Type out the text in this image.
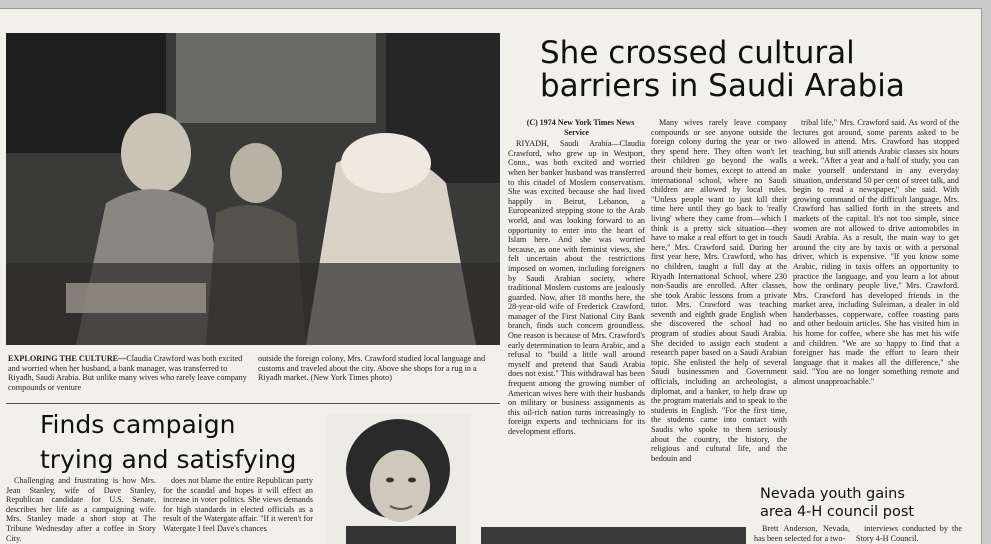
She crossed cultural barriers in Saudi Arabia

(C) 1974 New York Times News Service

RIYADH, Saudi Arabia—Claudia Crawford, who grew up in Westport, Conn., was both excited and worried when her banker husband was transferred to this citadel of Moslem conservatism. She was excited because she had lived happily in Beirut, Lebanon, a Europeanized stepping stone to the Arab world, and was looking forward to an opportunity to enter into the heart of Islam here. And she was worried because, as one with feminist views, she felt uncertain about the restrictions imposed on women, including foreigners by Saudi Arabian society, where traditional Moslem customs are jealously guarded. Now, after 18 months here, the 28-year-old wife of Frederick Crawford, manager of the First National City Bank branch, finds such concern groundless. One reason is because of Mrs. Crawford's early determination to learn Arabic, and a refusal to "build a little wall around myself and pretend that Saudi Arabia does not exist." This withdrawal has been frequent among the growing number of American wives here with their husbands on military or business assignments as this oil-rich nation turns increasingly to foreign experts and technicians for its development efforts.

Many wives rarely leave company compounds or see anyone outside the foreign colony during the year or two they spend here. They often won't let their children go beyond the walls around their homes, except to attend an international school, where no Saudi children are allowed by local rules. "Unless people want to just kill their time here until they go back to 'really living' where they came from—which I think is a pretty sick situation—they have to make a real effort to get in touch here," Mrs. Crawford said. During her first year here, Mrs. Crawford, who has no children, taught a full day at the Riyadh International School, where 230 non-Saudis are enrolled. After classes, she took Arabic lessons from a private tutor. Mrs. Crawford was teaching seventh and eighth grade English when she discovered the school had no program of studies about Saudi Arabia. She decided to assign each student a research paper based on a Saudi Arabian topic. She enlisted the help of several Saudi businessmen and Government officials, including an archeologist, a diplomat, and a banker, to help draw up the program materials and to speak to the students in English. "For the first time, the students came into contact with Saudis who spoke to them seriously about the country, the history, the religious and cultural life, and the bedouin and

tribal life," Mrs. Crawford said. As word of the lectures got around, some parents asked to be allowed in attend. Mrs. Crawford has stopped teaching, but still attends Arabic classes six hours a week. "After a year and a half of study, you can make yourself understand in any everyday situation, understand 50 per cent of street talk, and begin to read a newspaper," she said. With growing command of the difficult language, Mrs. Crawford has sallied forth in the streets and markets of the capital. It's not too simple, since women are not allowed to drive automobiles in Saudi Arabia. As a result, the main way to get around the city are by taxis or with a personal driver, which is expensive. "If you know some Arabic, riding in taxis offers an opportunity to practice the language, and you learn a lot about how the ordinary people live," Mrs. Crawford. Mrs. Crawford has developed friends in the market area, including Suleiman, a dealer in old handerbasses, copperware, coffee roasting pans and other bedouin articles. She has visited him in his home for coffee, where she has met his wife and children. "We are so happy to find that a foreigner has made the effort to learn their language that it makes all the difference," she said. "You are no longer something remote and almost unapproachable."

EXPLORING THE CULTURE—Claudia Crawford was both excited and worried when her husband, a bank manager, was transferred to Riyadh, Saudi Arabia. But unlike many wives who rarely leave company compounds or venture
outside the foreign colony, Mrs. Crawford studied local language and customs and traveled about the city. Above she shops for a rug in a Riyadh market. (New York Times photo)
Finds campaign
trying and satisfying

Challenging and frustrating is how Mrs. Jean Stanley, wife of Dave Stanley, Republican candidate for U.S. Senate, describes her life as a campaigning wife. Mrs. Stanley made a short stop at The Tribune Wednesday after a coffee in Story City.

does not blame the entire Republican party for the scandal and hopes it will effect an increase in voter politics. She views demands for high standards in elected officials as a result of the Watergate affair. "If it weren't for Watergate I feel Dave's chances

Nevada youth gains
area 4-H council post

Brett Anderson, Nevada, has been selected for a two-

interviews conducted by the Story 4-H Council.
